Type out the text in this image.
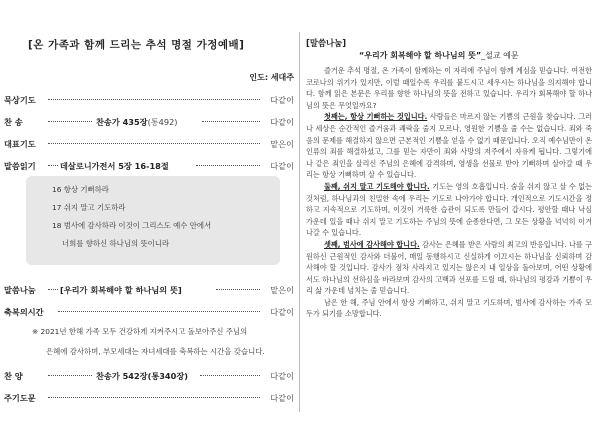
[온 가족과 함께 드리는 추석 명절 가정예배]
인도: 세대주
묵상기도	다같이
찬 송	찬송가 435장(통492)	다같이
대표기도	맡은이
말씀읽기	데살로니가전서 5장 16-18절	다같이
16 항상 기뻐하라
17 쉬지 말고 기도하라
18 범사에 감사하라 이것이 그리스도 예수 안에서
너희를 향하신 하나님의 뜻이니라
말씀나눔	[우리가 회복해야 할 하나님의 뜻]	맡은이
축복의시간	다같이
※ 2021년 한해 가족 모두 건강하게 지켜주시고 돌보아주신 주님의
은혜에 감사하며, 부모세대는 자녀세대를 축복하는 시간을 갖습니다.
찬 양	찬송가 542장(통340장)	다같이
주기도문	다같이
[말씀나눔]
“우리가 회복해야 할 하나님의 뜻”_설교 예문

즐거운 추석 명절, 온 가족이 함께하는 이 자리에 주님이 함께 계심을 믿습니다. 여전한 코로나의 위기가 있지만, 이럴 때일수록 우리를 붙드시고 세우시는 하나님을 의지해야 합니다. 함께 읽은 본문은 우리를 향한 하나님의 뜻을 전하고 있습니다. 우리가 회복해야 할 하나님의 뜻은 무엇일까요?

첫째는, 항상 기뻐하는 것입니다. 사람들은 마르지 않는 기쁨의 근원을 찾습니다. 그러나 세상은 순간적인 즐거움과 쾌락을 줄지 모르나, 영원한 기쁨을 줄 수는 없습니다. 죄와 죽음의 문제를 해결하지 않으면 근본적인 기쁨을 얻을 수 없기 때문입니다. 오직 예수님만이 온 인류의 죄를 해결하셨고, 그를 믿는 자만이 죄와 사망의 저주에서 자유케 됩니다. 그렇기에 나 같은 죄인을 살리신 주님의 은혜에 감격하며, 영생을 선물로 받아 기뻐하며 살아갈 때 우리는 항상 기뻐하며 살 수 있습니다.

둘째, 쉬지 말고 기도해야 합니다. 기도는 영의 호흡입니다. 숨을 쉬지 않고 살 수 없는 것처럼, 하나님과의 친밀한 속에 우리는 기도로 나아가야 합니다. 개인적으로 기도시간을 정하고 지속적으로 기도하며, 이것이 거룩한 습관이 되도록 만들어 갑시다. 평안할 때나 낙심 가운데 있을 때나 쉬지 말고 기도하는 주님의 뜻에 순종한다면, 그 모든 상황을 넉넉히 이겨나갈 수 있습니다.

셋째, 범사에 감사해야 합니다. 감사는 은혜를 받은 사람의 최고의 반응입니다. 나를 구원하신 근원적인 감사와 더불어, 매일 동행하시고 신실하게 이끄시는 하나님을 신뢰하며 감사해야 할 것입니다. 감사가 점차 사라지고 있지는 않은지 내 일상을 돌아보며, 어떤 상황에서도 하나님의 선하심을 바라보며 감사의 고백과 선포를 드릴 때, 하나님의 평강과 기쁨이 우리 삶 가운데 넘치는 줄 믿습니다.

남은 한 해, 주님 안에서 항상 기뻐하고, 쉬지 말고 기도하며, 범사에 감사하는 가족 모두가 되기를 소망합니다.
